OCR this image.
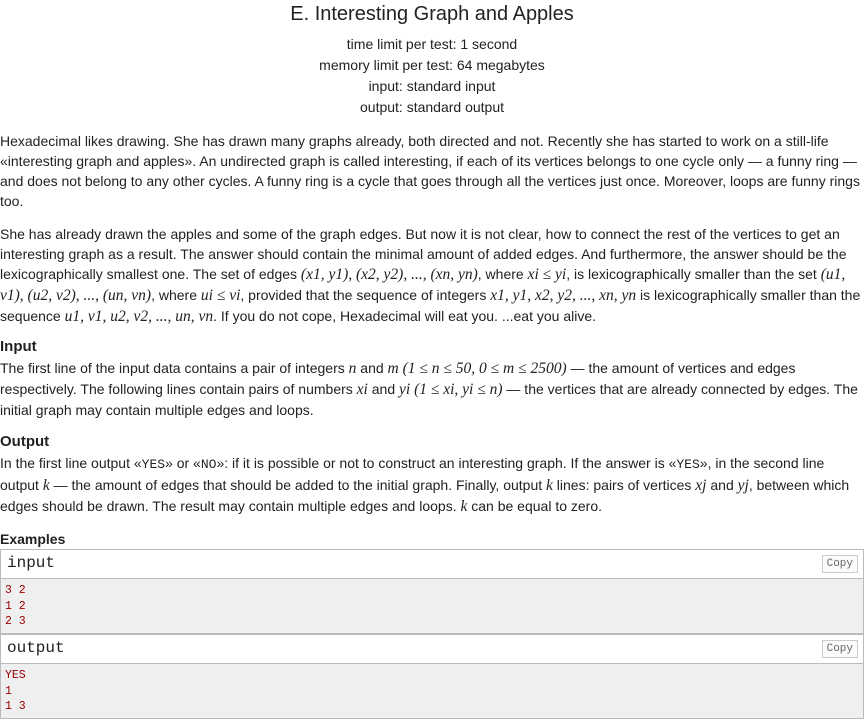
E. Interesting Graph and Apples
time limit per test: 1 second
memory limit per test: 64 megabytes
input: standard input
output: standard output
Hexadecimal likes drawing. She has drawn many graphs already, both directed and not. Recently she has started to work on a still-life «interesting graph and apples». An undirected graph is called interesting, if each of its vertices belongs to one cycle only — a funny ring — and does not belong to any other cycles. A funny ring is a cycle that goes through all the vertices just once. Moreover, loops are funny rings too.
She has already drawn the apples and some of the graph edges. But now it is not clear, how to connect the rest of the vertices to get an interesting graph as a result. The answer should contain the minimal amount of added edges. And furthermore, the answer should be the lexicographically smallest one. The set of edges (x1, y1), (x2, y2), ..., (xn, yn), where xi ≤ yi, is lexicographically smaller than the set (u1, v1), (u2, v2), ..., (un, vn), where ui ≤ vi, provided that the sequence of integers x1, y1, x2, y2, ..., xn, yn is lexicographically smaller than the sequence u1, v1, u2, v2, ..., un, vn. If you do not cope, Hexadecimal will eat you. ...eat you alive.
Input
The first line of the input data contains a pair of integers n and m (1 ≤ n ≤ 50, 0 ≤ m ≤ 2500) — the amount of vertices and edges respectively. The following lines contain pairs of numbers xi and yi (1 ≤ xi, yi ≤ n) — the vertices that are already connected by edges. The initial graph may contain multiple edges and loops.
Output
In the first line output «YES» or «NO»: if it is possible or not to construct an interesting graph. If the answer is «YES», in the second line output k — the amount of edges that should be added to the initial graph. Finally, output k lines: pairs of vertices xj and yj, between which edges should be drawn. The result may contain multiple edges and loops. k can be equal to zero.
Examples
input	Copy
3 2
1 2
2 3
output	Copy
YES
1
1 3
